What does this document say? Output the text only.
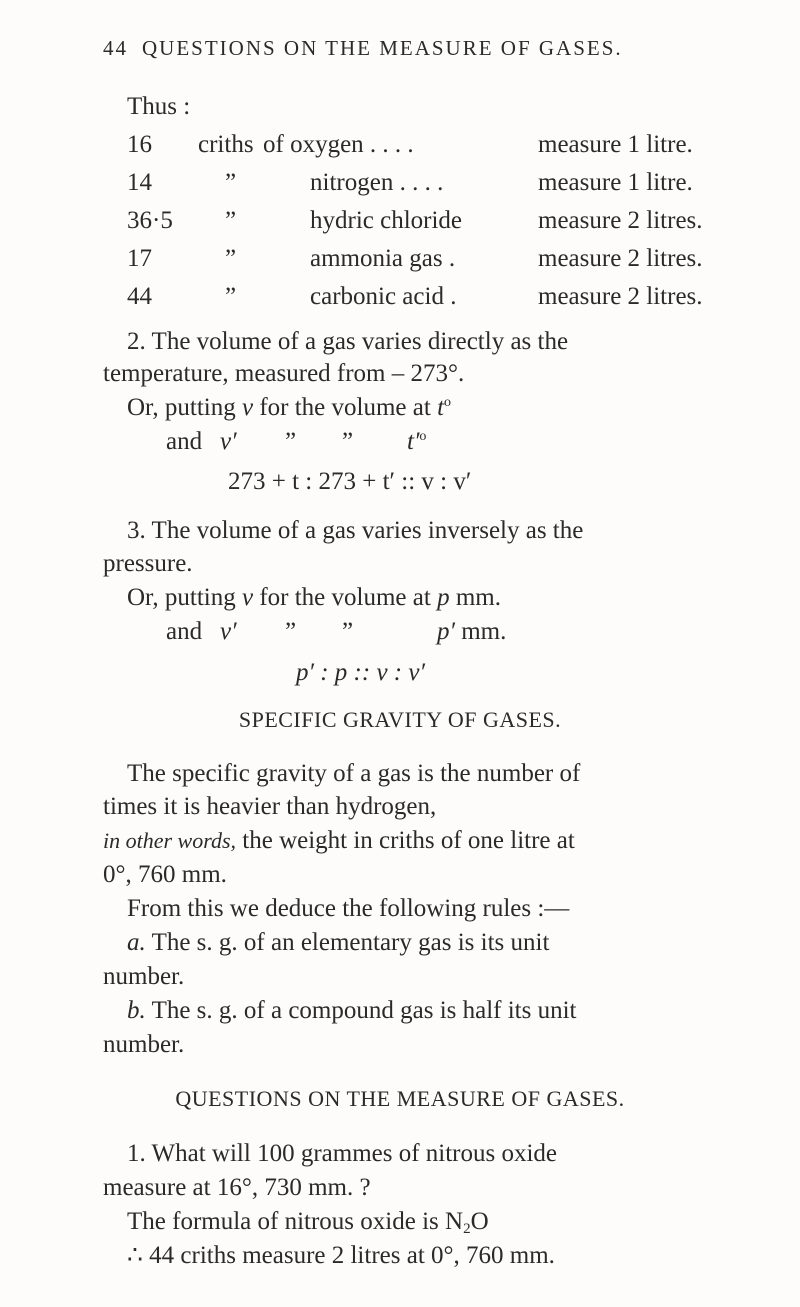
44 QUESTIONS ON THE MEASURE OF GASES.
Thus :
16 criths of oxygen . . . .	measure 1 litre.
14	”	nitrogen . . . .	measure 1 litre.
36·5 ”	hydric chloride	measure 2 litres.
17	”	ammonia gas .	measure 2 litres.
44	”	carbonic acid .	measure 2 litres.
2. The volume of a gas varies directly as the
temperature, measured from – 273°.
Or, putting v for the volume at $t^o$
and v′ ” ” $t'^o$
273 + t : 273 + t′ :: v : v′
3. The volume of a gas varies inversely as the
pressure.
Or, putting v for the volume at p mm.
and v′ ” ”	p′ mm.
p′ : p :: v : v′
SPECIFIC GRAVITY OF GASES.
The specific gravity of a gas is the number of
times it is heavier than hydrogen,
in other words, the weight in criths of one litre at
0°, 760 mm.
From this we deduce the following rules :—
a. The s. g. of an elementary gas is its unit
number.
b. The s. g. of a compound gas is half its unit
number.
QUESTIONS ON THE MEASURE OF GASES.
1. What will 100 grammes of nitrous oxide
measure at 16°, 730 mm. ?
The formula of nitrous oxide is $N_2O$
∴ 44 criths measure 2 litres at 0°, 760 mm.
